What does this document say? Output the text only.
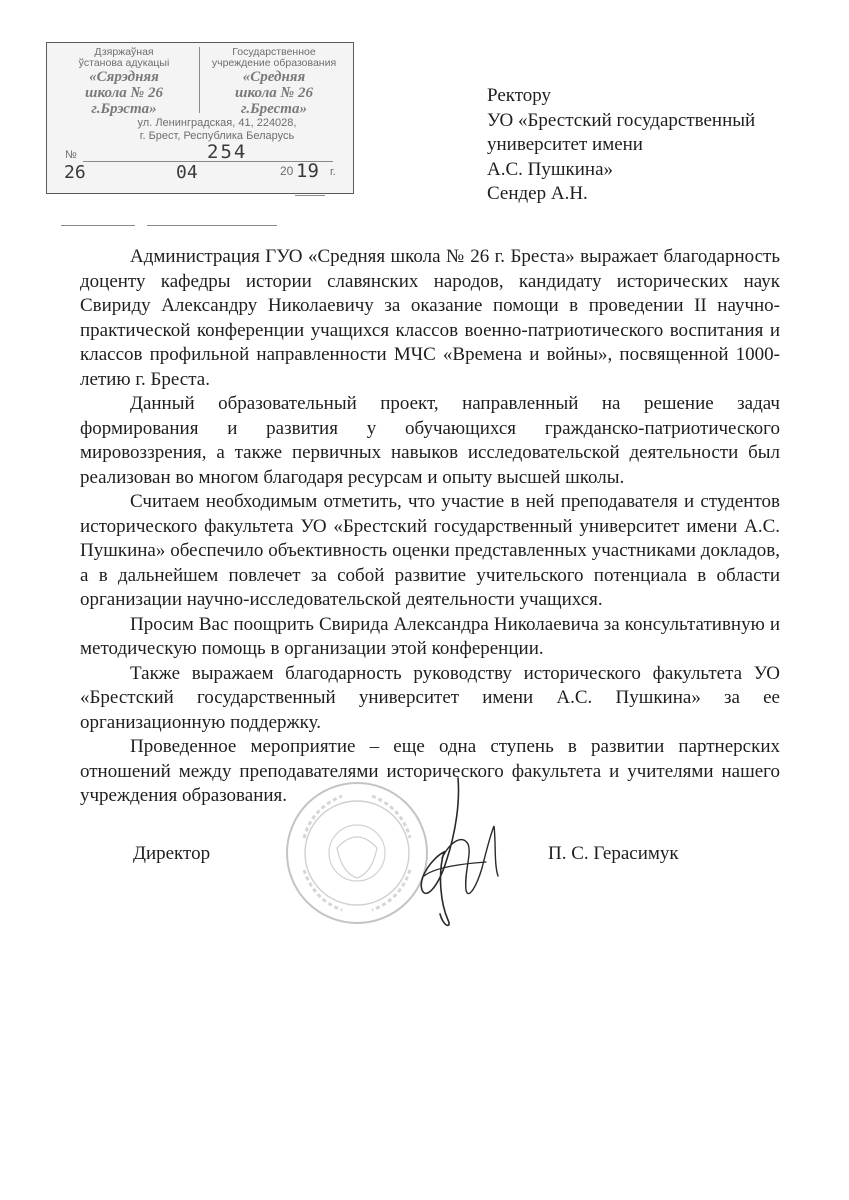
Дзяржаўная
ўстанова адукацыі
«Сярэдняя
школа № 26
г.Брэста»
Государственное
учреждение образования
«Средняя
школа № 26
г.Бреста»
ул. Ленинградская, 41, 224028,
г. Брест, Республика Беларусь
№	254
26	04	20 19 г.
Ректору
УО «Брестский государственный
университет имени
А.С. Пушкина»
Сендер А.Н.

Администрация ГУО «Средняя школа № 26 г. Бреста» выражает благодарность доценту кафедры истории славянских народов, кандидату исторических наук Свириду Александру Николаевичу за оказание помощи в проведении II научно-практической конференции учащихся классов военно-патриотического воспитания и классов профильной направленности МЧС «Времена и войны», посвященной 1000-летию г. Бреста.

Данный образовательный проект, направленный на решение задач формирования и развития у обучающихся гражданско-патриотического мировоззрения, а также первичных навыков исследовательской деятельности был реализован во многом благодаря ресурсам и опыту высшей школы.

Считаем необходимым отметить, что участие в ней преподавателя и студентов исторического факультета УО «Брестский государственный университет имени А.С. Пушкина» обеспечило объективность оценки представленных участниками докладов, а в дальнейшем повлечет за собой развитие учительского потенциала в области организации научно-исследовательской деятельности учащихся.

Просим Вас поощрить Свирида Александра Николаевича за консультативную и методическую помощь в организации этой конференции.

Также выражаем благодарность руководству исторического факультета УО «Брестский государственный университет имени А.С. Пушкина» за ее организационную поддержку.

Проведенное мероприятие – еще одна ступень в развитии партнерских отношений между преподавателями исторического факультета и учителями нашего учреждения образования.

Директор	П. С. Герасимук
